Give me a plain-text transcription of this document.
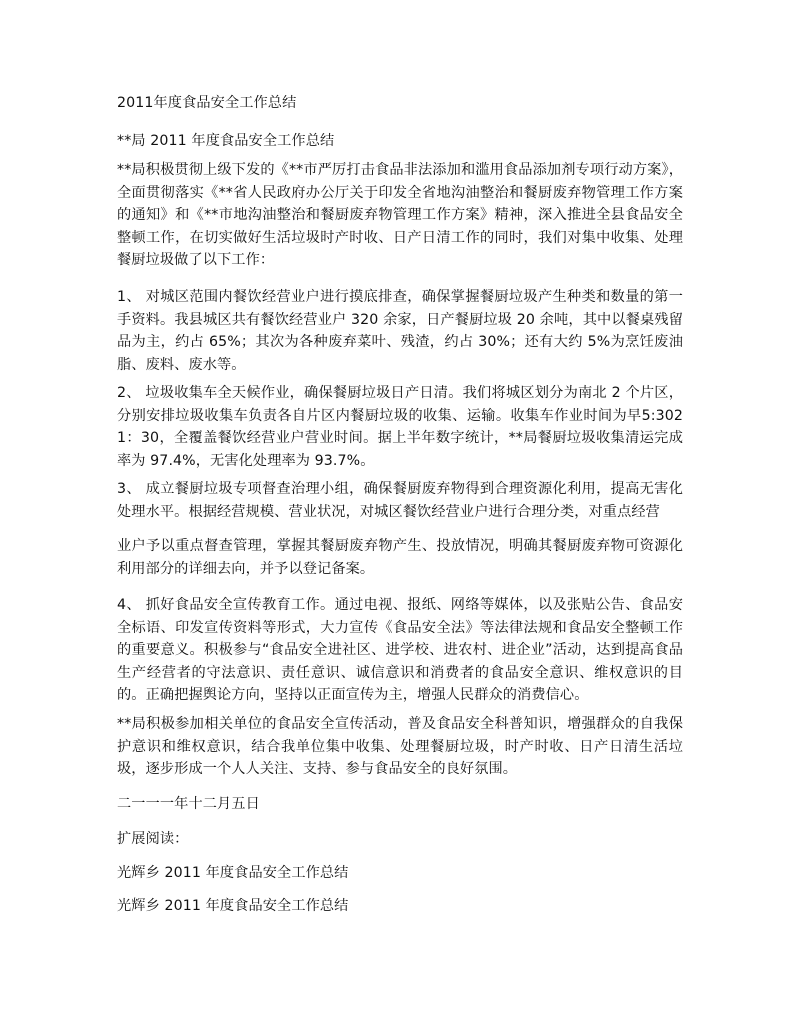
2011年度食品安全工作总结

**局 2011 年度食品安全工作总结

**局积极贯彻上级下发的《**市严厉打击食品非法添加和滥用食品添加剂专项行动方案》，全面贯彻落实《**省人民政府办公厅关于印发全省地沟油整治和餐厨废弃物管理工作方案的通知》和《**市地沟油整治和餐厨废弃物管理工作方案》精神，深入推进全县食品安全整顿工作，在切实做好生活垃圾时产时收、日产日清工作的同时，我们对集中收集、处理餐厨垃圾做了以下工作：

1、 对城区范围内餐饮经营业户进行摸底排查，确保掌握餐厨垃圾产生种类和数量的第一手资料。我县城区共有餐饮经营业户 320 余家，日产餐厨垃圾 20 余吨，其中以餐桌残留品为主，约占 65%；其次为各种废弃菜叶、残渣，约占 30%；还有大约 5%为烹饪废油脂、废料、废水等。

2、 垃圾收集车全天候作业，确保餐厨垃圾日产日清。我们将城区划分为南北 2 个片区，分别安排垃圾收集车负责各自片区内餐厨垃圾的收集、运输。收集车作业时间为早5:3021：30，全覆盖餐饮经营业户营业时间。据上半年数字统计，**局餐厨垃圾收集清运完成率为 97.4%，无害化处理率为 93.7%。

3、 成立餐厨垃圾专项督查治理小组，确保餐厨废弃物得到合理资源化利用，提高无害化处理水平。根据经营规模、营业状况，对城区餐饮经营业户进行合理分类，对重点经营

业户予以重点督查管理，掌握其餐厨废弃物产生、投放情况，明确其餐厨废弃物可资源化利用部分的详细去向，并予以登记备案。

4、 抓好食品安全宣传教育工作。通过电视、报纸、网络等媒体，以及张贴公告、食品安全标语、印发宣传资料等形式，大力宣传《食品安全法》等法律法规和食品安全整顿工作的重要意义。积极参与“食品安全进社区、进学校、进农村、进企业”活动，达到提高食品生产经营者的守法意识、责任意识、诚信意识和消费者的食品安全意识、维权意识的目的。正确把握舆论方向，坚持以正面宣传为主，增强人民群众的消费信心。

**局积极参加相关单位的食品安全宣传活动，普及食品安全科普知识，增强群众的自我保护意识和维权意识，结合我单位集中收集、处理餐厨垃圾，时产时收、日产日清生活垃圾，逐步形成一个人人关注、支持、参与食品安全的良好氛围。

二一一一年十二月五日

扩展阅读：

光辉乡 2011 年度食品安全工作总结

光辉乡 2011 年度食品安全工作总结
